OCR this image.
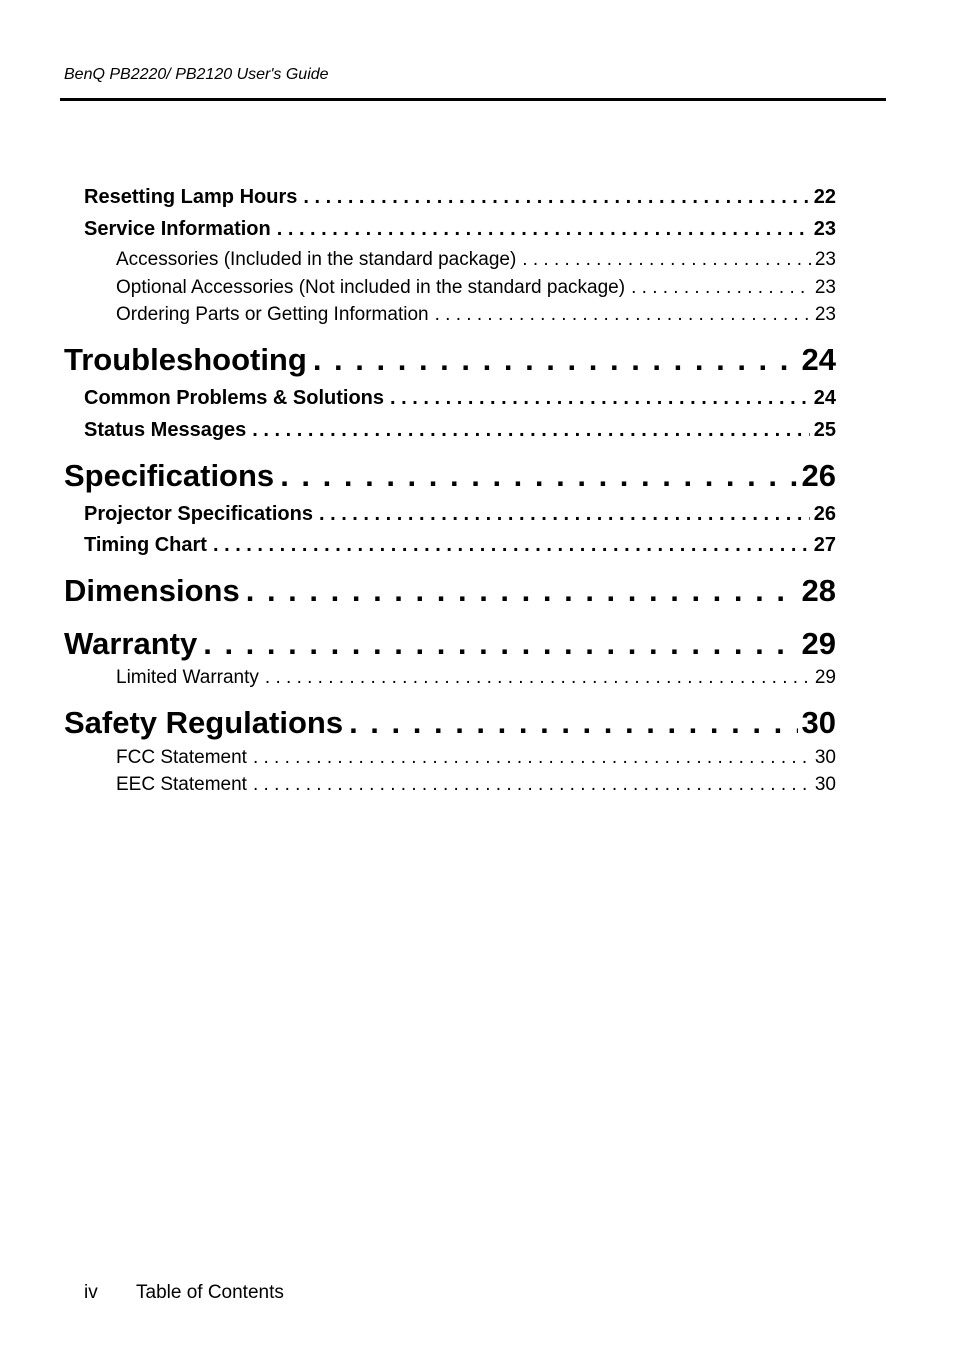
BenQ PB2220/ PB2120 User's Guide
Resetting Lamp Hours . . .	22
Service Information . . .	23
Accessories (Included in the standard package) . . .	23
Optional Accessories (Not included in the standard package) . . .	23
Ordering Parts or Getting Information . . .	23
Troubleshooting . . .	24
Common Problems & Solutions . . .	24
Status Messages . . .	25
Specifications . . .	26
Projector Specifications . . .	26
Timing Chart . . .	27
Dimensions . . .	28
Warranty . . .	29
Limited Warranty . . .	29
Safety Regulations . . .	30
FCC Statement . . .	30
EEC Statement . . .	30
iv Table of Contents
